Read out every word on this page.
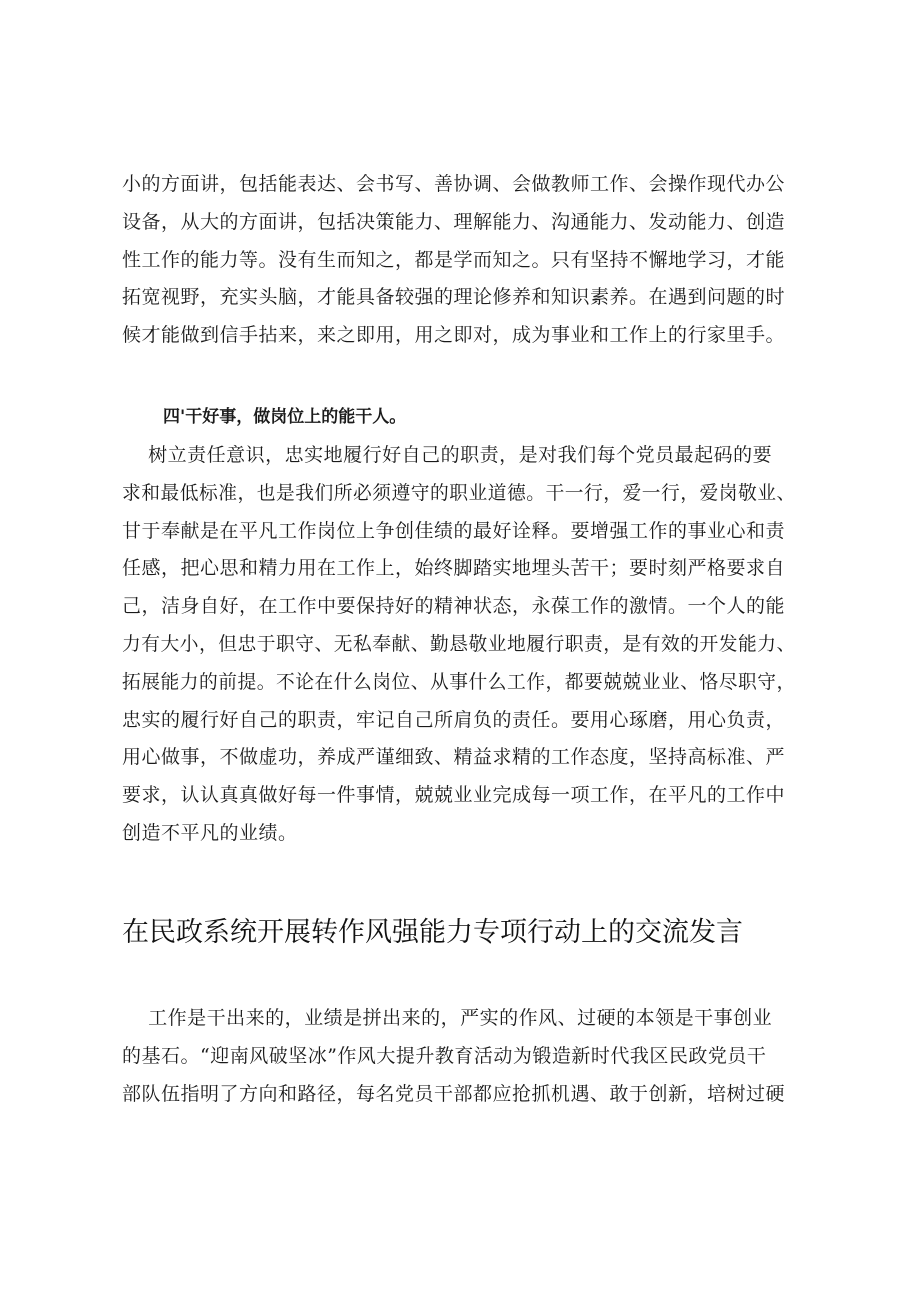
小的方面讲，包括能表达、会书写、善协调、会做教师工作、会操作现代办公
设备，从大的方面讲，包括决策能力、理解能力、沟通能力、发动能力、创造
性工作的能力等。没有生而知之，都是学而知之。只有坚持不懈地学习，才能
拓宽视野，充实头脑，才能具备较强的理论修养和知识素养。在遇到问题的时
候才能做到信手拈来，来之即用，用之即对，成为事业和工作上的行家里手。
四'干好事，做岗位上的能干人。
树立责任意识，忠实地履行好自己的职责，是对我们每个党员最起码的要
求和最低标准，也是我们所必须遵守的职业道德。干一行，爱一行，爱岗敬业、
甘于奉献是在平凡工作岗位上争创佳绩的最好诠释。要增强工作的事业心和责
任感，把心思和精力用在工作上，始终脚踏实地埋头苦干；要时刻严格要求自
己，洁身自好，在工作中要保持好的精神状态，永葆工作的激情。一个人的能
力有大小，但忠于职守、无私奉献、勤恳敬业地履行职责，是有效的开发能力、
拓展能力的前提。不论在什么岗位、从事什么工作，都要兢兢业业、恪尽职守，
忠实的履行好自己的职责，牢记自己所肩负的责任。要用心琢磨，用心负责，
用心做事，不做虚功，养成严谨细致、精益求精的工作态度，坚持高标准、严
要求，认认真真做好每一件事情，兢兢业业完成每一项工作，在平凡的工作中
创造不平凡的业绩。
在民政系统开展转作风强能力专项行动上的交流发言
工作是干出来的，业绩是拼出来的，严实的作风、过硬的本领是干事创业
的基石。“迎南风破坚冰”作风大提升教育活动为锻造新时代我区民政党员干
部队伍指明了方向和路径，每名党员干部都应抢抓机遇、敢于创新，培树过硬
